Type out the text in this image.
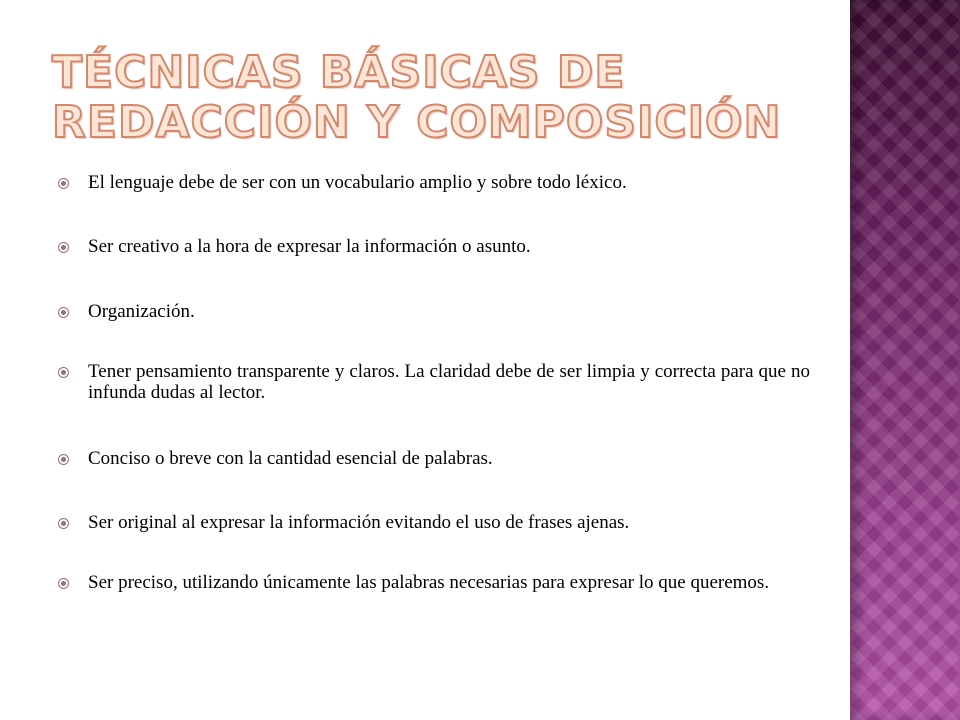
TÉCNICAS BÁSICAS DE REDACCIÓN Y COMPOSICIÓN
El lenguaje debe de ser con un vocabulario amplio y sobre todo léxico.
Ser creativo a la hora de expresar la información o asunto.
Organización.
Tener pensamiento transparente y claros. La claridad debe de ser limpia y correcta para que no infunda dudas al lector.
Conciso o breve con la cantidad esencial de palabras.
Ser original al expresar la información evitando el uso de frases ajenas.
Ser preciso, utilizando únicamente las palabras necesarias para expresar lo que queremos.
